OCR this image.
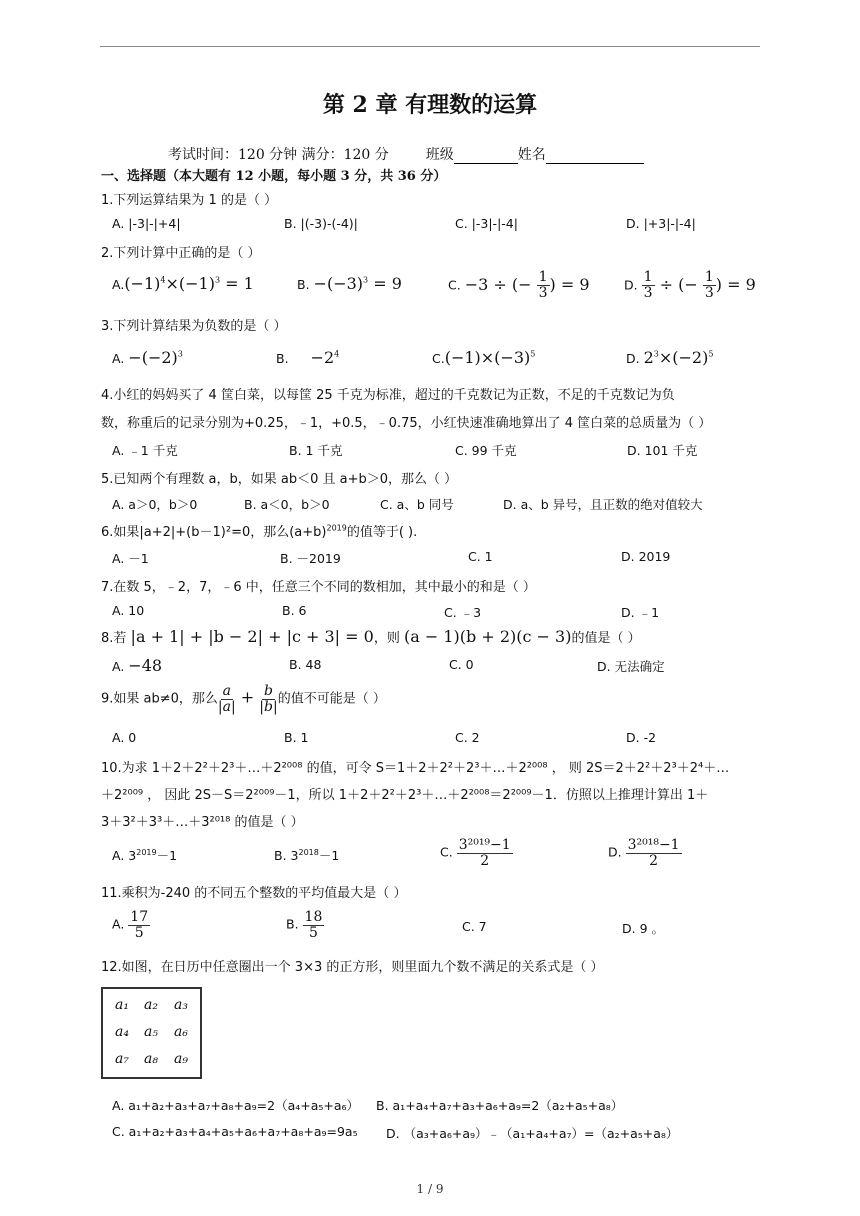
第 2 章 有理数的运算
考试时间：120 分钟 满分：120 分	班级	姓名
一、选择题（本大题有 12 小题，每小题 3 分，共 36 分）
1.下列运算结果为 1 的是（ ）
A. |-3|-|+4|	B. |(-3)-(-4)|	C. |-3|-|-4|	D. |+3|-|-4|
2.下列计算中正确的是（ ）
$A.(-1)^4\times(-1)^3 = 1$	B. $-(-3)^3 = 9$	C. −3 ÷ (− $\frac{1}{3}$ ) = 9	D. $\frac{1}{3}$ ÷ (− $\frac{1}{3}$ ) = 9
3.下列计算结果为负数的是（ ）
A. $-(-2)^3$	B. $-2^4$	$C.(-1)\times(-3)^5$	D. $2^3\times(-2)^5$
4.小红的妈妈买了 4 筐白菜，以每筐 25 千克为标准，超过的千克数记为正数，不足的千克数记为负
数，称重后的记录分别为+0.25，﹣1，+0.5，﹣0.75，小红快速准确地算出了 4 筐白菜的总质量为（ ）
A. ﹣1 千克	B. 1 千克	C. 99 千克	D. 101 千克
5.已知两个有理数 a，b，如果 ab＜0 且 a+b＞0，那么（ ）
A. a＞0，b＞0	B. a＜0，b＞0	C. a、b 同号	D. a、b 异号，且正数的绝对值较大
6.如果|a+2|+(b－1)²=0，那么$(a+b)^{2019}$的值等于( ).
A. －1	B. －2019	C. 1	D. 2019
7.在数 5，﹣2，7，﹣6 中，任意三个不同的数相加，其中最小的和是（ ）
A. 10	B. 6	C. ﹣3	D. ﹣1
8.若 |a + 1| + |b − 2| + |c + 3| = 0，则 (a − 1)(b + 2)(c − 3)的值是（ ）
A. −48	B. 48	C. 0	D. 无法确定
9.如果 ab≠0，那么 $\frac{a}{|a|} + \frac{b}{|b|}$ 的值不可能是（ ）
A. 0	B. 1	C. 2	D. -2
10.为求 1＋2＋2²＋2³＋…＋2²⁰⁰⁸ 的值，可令 S＝1＋2＋2²＋2³＋…＋2²⁰⁰⁸ ， 则 2S＝2＋2²＋2³＋2⁴＋…
＋2²⁰⁰⁹ ， 因此 2S－S＝2²⁰⁰⁹－1，所以 1＋2＋2²＋2³＋…＋2²⁰⁰⁸＝2²⁰⁰⁹－1．仿照以上推理计算出 1＋
3＋3²＋3³＋…＋3²⁰¹⁸ 的值是（ ）
A. $3^{2019}-1$	B. $3^{2018}-1$	C. $\frac{\text{3²⁰¹⁹−1}}{2}$	D. $\frac{\text{3²⁰¹⁸−1}}{2}$
11.乘积为-240 的不同五个整数的平均值最大是（ ）
A. $\frac{17}{5}$	B. $\frac{18}{5}$	C. 7	D. 9 。
12.如图，在日历中任意圈出一个 3×3 的正方形，则里面九个数不满足的关系式是（ ）
a₁ a₂ a₃
a₄ a₅ a₆
a₇ a₈ a₉
A. a₁+a₂+a₃+a₇+a₈+a₉=2（a₄+a₅+a₆） B. a₁+a₄+a₇+a₃+a₆+a₉=2（a₂+a₅+a₈）
C. a₁+a₂+a₃+a₄+a₅+a₆+a₇+a₈+a₉=9a₅ D. （a₃+a₆+a₉）﹣（a₁+a₄+a₇）=（a₂+a₅+a₈）
1 / 9
